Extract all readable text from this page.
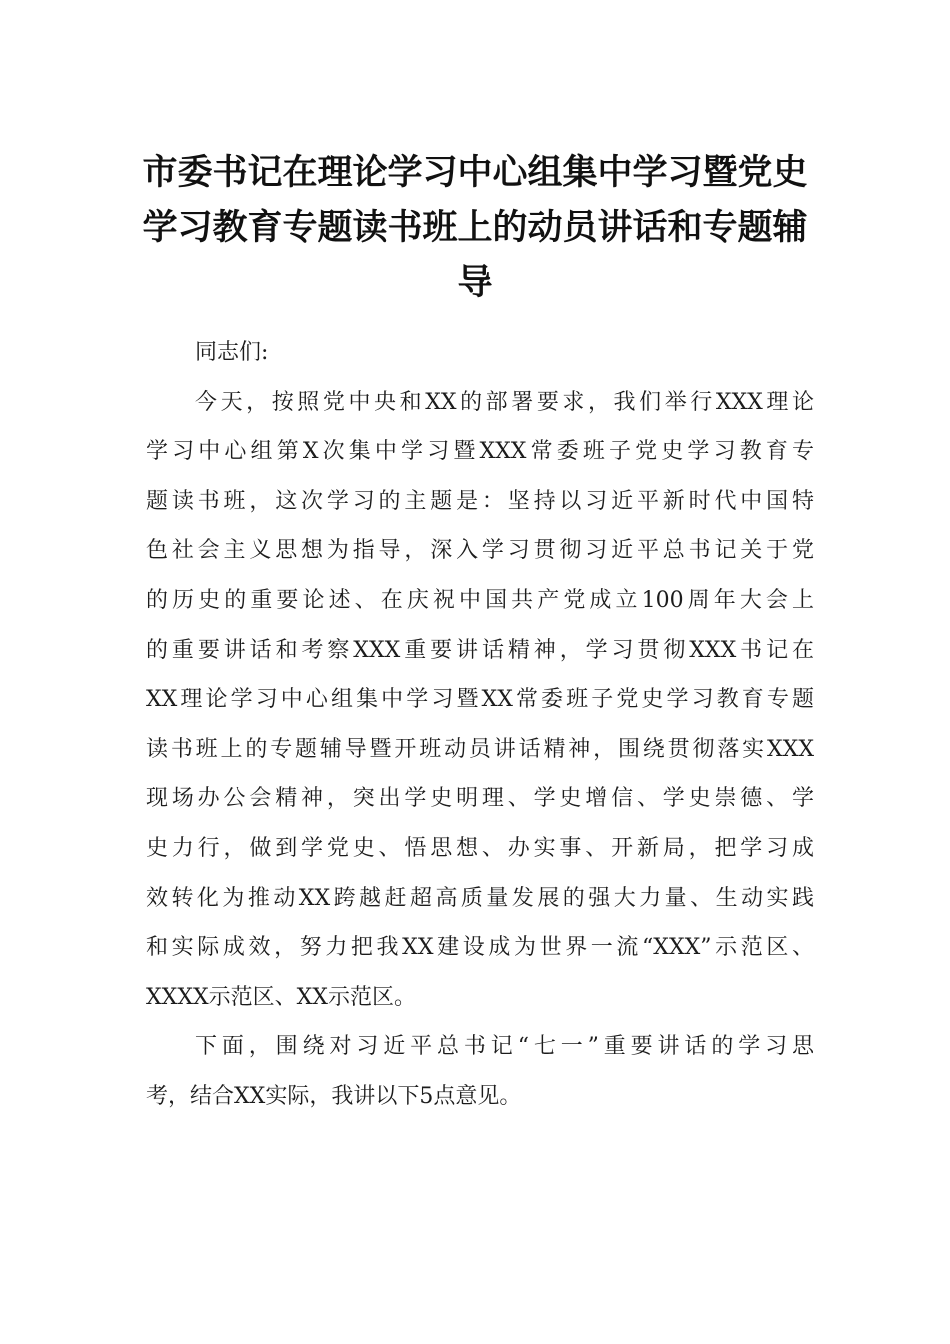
市委书记在理论学习中心组集中学习暨党史
学习教育专题读书班上的动员讲话和专题辅
导
同志们:
今天，按照党中央和XX的部署要求，我们举行XXX理论
学习中心组第X次集中学习暨XXX常委班子党史学习教育专
题读书班，这次学习的主题是：坚持以习近平新时代中国特
色社会主义思想为指导，深入学习贯彻习近平总书记关于党
的历史的重要论述、在庆祝中国共产党成立100周年大会上
的重要讲话和考察XXX重要讲话精神，学习贯彻XXX书记在
XX理论学习中心组集中学习暨XX常委班子党史学习教育专题
读书班上的专题辅导暨开班动员讲话精神，围绕贯彻落实XXX
现场办公会精神，突出学史明理、学史增信、学史崇德、学
史力行，做到学党史、悟思想、办实事、开新局，把学习成
效转化为推动XX跨越赶超高质量发展的强大力量、生动实践
和实际成效，努力把我XX建设成为世界一流“XXX”示范区、
XXXX示范区、XX示范区。
下面，围绕对习近平总书记“七一”重要讲话的学习思
考，结合XX实际，我讲以下5点意见。
